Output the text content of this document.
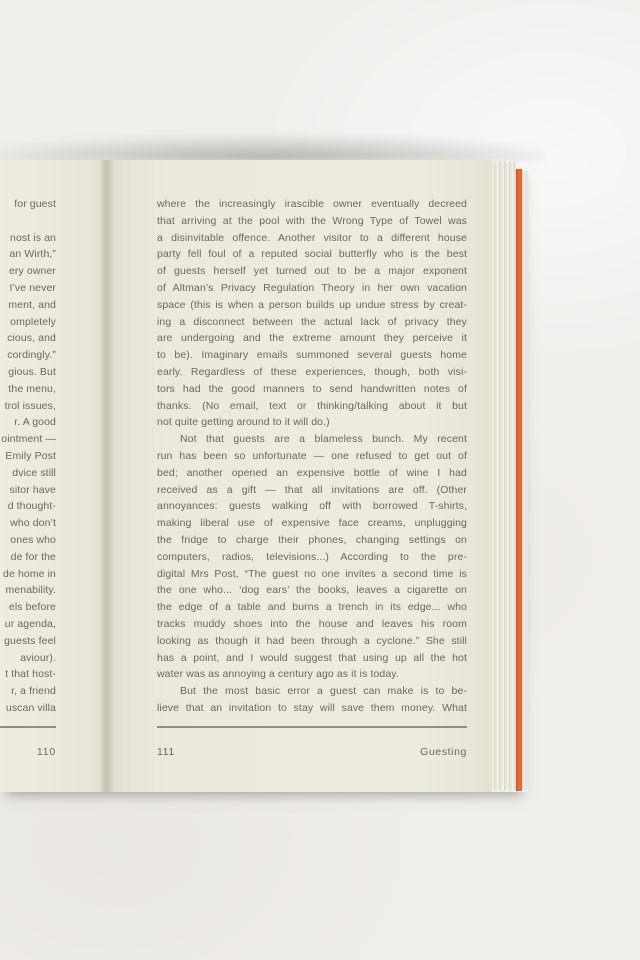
for guest
nost is an
an Wirth,”
ery owner
I’ve never
ment, and
ompletely
cious, and
cordingly.”
gious. But
the menu,
trol issues,
r. A good
ointment —
Emily Post
dvice still
sitor have
d thought-
who don’t
ones who
de for the
de home in
menability.
els before
ur agenda,
guests feel
aviour).
t that host-
r, a friend
uscan villa
where the increasingly irascible owner eventually decreed
that arriving at the pool with the Wrong Type of Towel was
a disinvitable offence. Another visitor to a different house
party fell foul of a reputed social butterfly who is the best
of guests herself yet turned out to be a major exponent
of Altman’s Privacy Regulation Theory in her own vacation
space (this is when a person builds up undue stress by creat-
ing a disconnect between the actual lack of privacy they
are undergoing and the extreme amount they perceive it
to be). Imaginary emails summoned several guests home
early. Regardless of these experiences, though, both visi-
tors had the good manners to send handwritten notes of
thanks. (No email, text or thinking/talking about it but
not quite getting around to it will do.)
Not that guests are a blameless bunch. My recent
run has been so unfortunate — one refused to get out of
bed; another opened an expensive bottle of wine I had
received as a gift — that all invitations are off. (Other
annoyances: guests walking off with borrowed T-shirts,
making liberal use of expensive face creams, unplugging
the fridge to charge their phones, changing settings on
computers, radios, televisions...) According to the pre-
digital Mrs Post, “The guest no one invites a second time is
the one who... ‘dog ears’ the books, leaves a cigarette on
the edge of a table and burns a trench in its edge... who
tracks muddy shoes into the house and leaves his room
looking as though it had been through a cyclone.” She still
has a point, and I would suggest that using up all the hot
water was as annoying a century ago as it is today.
But the most basic error a guest can make is to be-
lieve that an invitation to stay will save them money. What
110	111	Guesting
